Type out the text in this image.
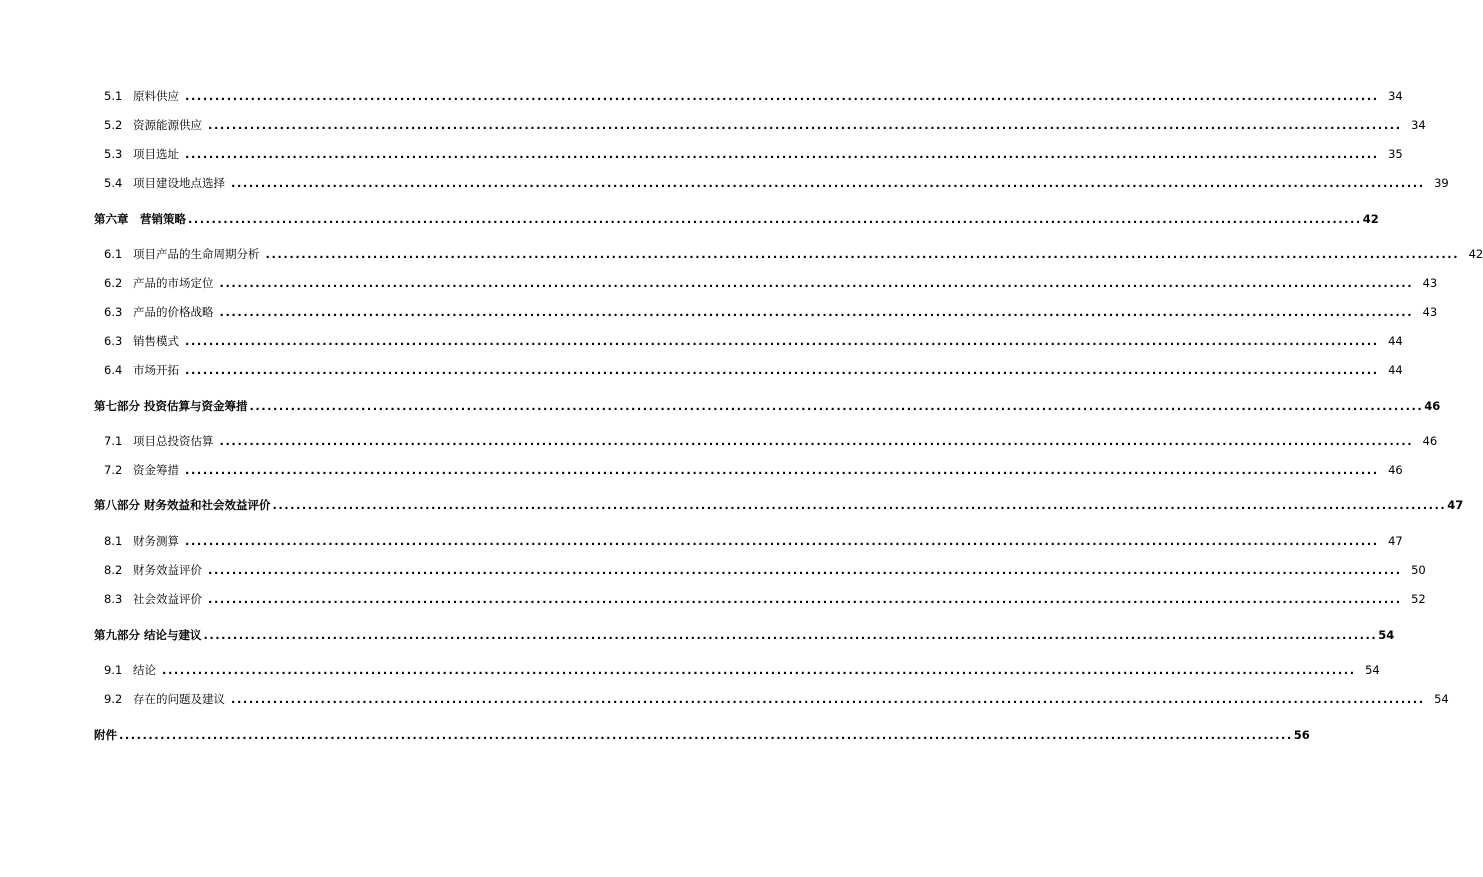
5.1 原料供应 ........................................................................................................................................................................................................ 34
5.2 资源能源供应 ........................................................................................................................................................................................................ 34
5.3 项目选址 ........................................................................................................................................................................................................ 35
5.4 项目建设地点选择 ........................................................................................................................................................................................................ 39
第六章　营销策略 ........................................................................................................................................................................................................ 42
6.1 项目产品的生命周期分析 ........................................................................................................................................................................................................ 42
6.2 产品的市场定位 ........................................................................................................................................................................................................ 43
6.3 产品的价格战略 ........................................................................................................................................................................................................ 43
6.3 销售模式 ........................................................................................................................................................................................................ 44
6.4 市场开拓 ........................................................................................................................................................................................................ 44
第七部分 投资估算与资金筹措 ........................................................................................................................................................................................................ 46
7.1 项目总投资估算 ........................................................................................................................................................................................................ 46
7.2 资金筹措 ........................................................................................................................................................................................................ 46
第八部分 财务效益和社会效益评价 ........................................................................................................................................................................................................ 47
8.1 财务测算 ........................................................................................................................................................................................................ 47
8.2 财务效益评价 ........................................................................................................................................................................................................ 50
8.3 社会效益评价 ........................................................................................................................................................................................................ 52
第九部分 结论与建议 ........................................................................................................................................................................................................ 54
9.1 结论 ........................................................................................................................................................................................................ 54
9.2 存在的问题及建议 ........................................................................................................................................................................................................ 54
附件 ........................................................................................................................................................................................................ 56
